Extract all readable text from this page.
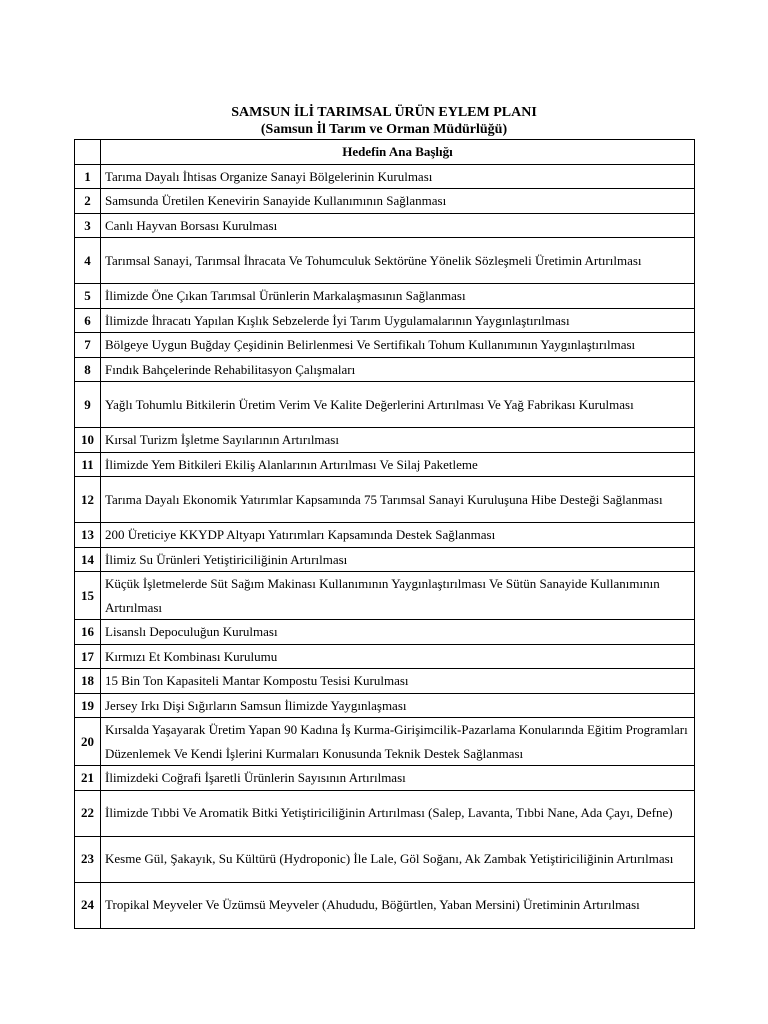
SAMSUN İLİ TARIMSAL ÜRÜN EYLEM PLANI
(Samsun İl Tarım ve Orman Müdürlüğü)
	Hedefin Ana Başlığı
1	Tarıma Dayalı İhtisas Organize Sanayi Bölgelerinin Kurulması
2	Samsunda Üretilen Kenevirin Sanayide Kullanımının Sağlanması
3	Canlı Hayvan Borsası Kurulması
4	Tarımsal Sanayi, Tarımsal İhracata Ve Tohumculuk Sektörüne Yönelik Sözleşmeli Üretimin Artırılması
5	İlimizde Öne Çıkan Tarımsal Ürünlerin Markalaşmasının Sağlanması
6	İlimizde İhracatı Yapılan Kışlık Sebzelerde İyi Tarım Uygulamalarının Yaygınlaştırılması
7	Bölgeye Uygun Buğday Çeşidinin Belirlenmesi Ve Sertifikalı Tohum Kullanımının Yaygınlaştırılması
8	Fındık Bahçelerinde Rehabilitasyon Çalışmaları
9	Yağlı Tohumlu Bitkilerin Üretim Verim Ve Kalite Değerlerini Artırılması Ve Yağ Fabrikası Kurulması
10	Kırsal Turizm İşletme Sayılarının Artırılması
11	İlimizde Yem Bitkileri Ekiliş Alanlarının Artırılması Ve Silaj Paketleme
12	Tarıma Dayalı Ekonomik Yatırımlar Kapsamında 75 Tarımsal Sanayi Kuruluşuna Hibe Desteği Sağlanması
13	200 Üreticiye KKYDP Altyapı Yatırımları Kapsamında Destek Sağlanması
14	İlimiz Su Ürünleri Yetiştiriciliğinin Artırılması
15	Küçük İşletmelerde Süt Sağım Makinası Kullanımının Yaygınlaştırılması Ve Sütün Sanayide Kullanımının Artırılması
16	Lisanslı Depoculuğun Kurulması
17	Kırmızı Et Kombinası Kurulumu
18	15 Bin Ton Kapasiteli Mantar Kompostu Tesisi Kurulması
19	Jersey Irkı Dişi Sığırların Samsun İlimizde Yaygınlaşması
20	Kırsalda Yaşayarak Üretim Yapan 90 Kadına İş Kurma-Girişimcilik-Pazarlama Konularında Eğitim Programları Düzenlemek Ve Kendi İşlerini Kurmaları Konusunda Teknik Destek Sağlanması
21	İlimizdeki Coğrafi İşaretli Ürünlerin Sayısının Artırılması
22	İlimizde Tıbbi Ve Aromatik Bitki Yetiştiriciliğinin Artırılması (Salep, Lavanta, Tıbbi Nane, Ada Çayı, Defne)
23	Kesme Gül, Şakayık, Su Kültürü (Hydroponic) İle Lale, Göl Soğanı, Ak Zambak Yetiştiriciliğinin Artırılması
24	Tropikal Meyveler Ve Üzümsü Meyveler (Ahududu, Böğürtlen, Yaban Mersini) Üretiminin Artırılması
